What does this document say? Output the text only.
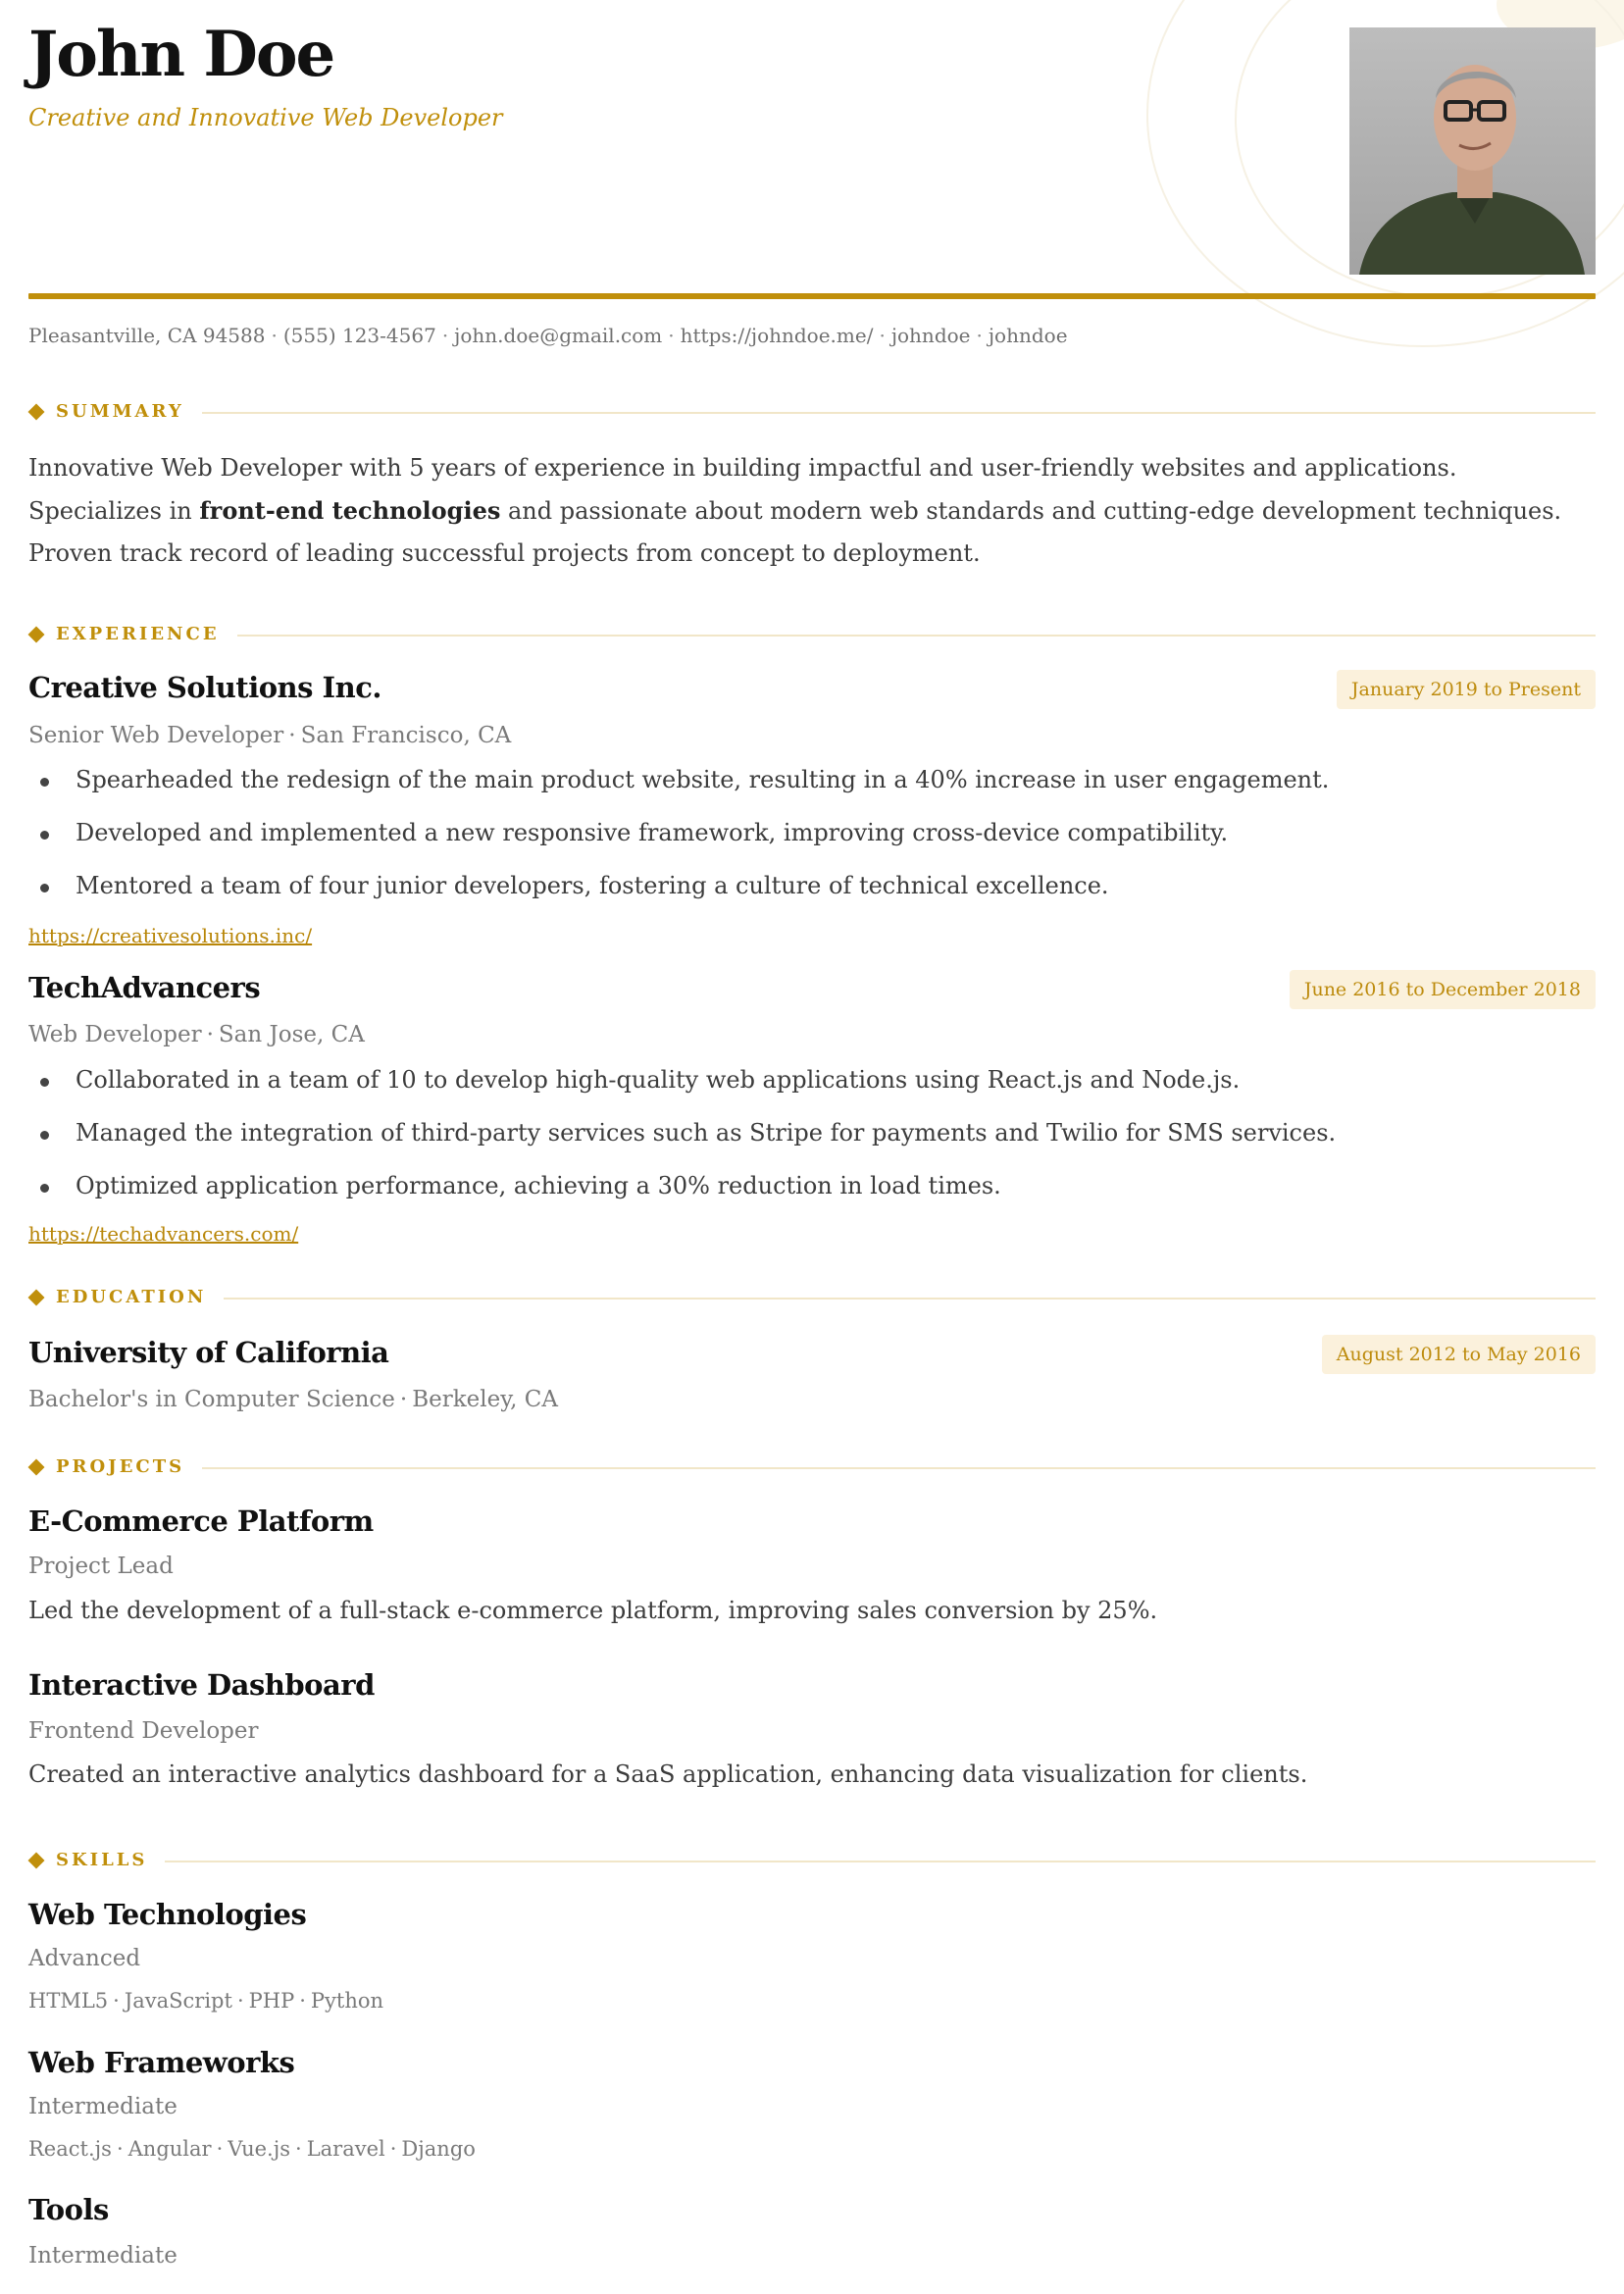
John Doe

Creative and Innovative Web Developer

Pleasantville, CA 94588 · (555) 123-4567 · john.doe@gmail.com · https://johndoe.me/ · johndoe · johndoe
SUMMARY

Innovative Web Developer with 5 years of experience in building impactful and user-friendly websites and applications. Specializes in front-end technologies and passionate about modern web standards and cutting-edge development techniques. Proven track record of leading successful projects from concept to deployment.

EXPERIENCE
Creative Solutions Inc.	January 2019 to Present

Senior Web Developer · San Francisco, CA

Spearheaded the redesign of the main product website, resulting in a 40% increase in user engagement.
Developed and implemented a new responsive framework, improving cross-device compatibility.
Mentored a team of four junior developers, fostering a culture of technical excellence.
https://creativesolutions.inc/
TechAdvancers	June 2016 to December 2018

Web Developer · San Jose, CA

Collaborated in a team of 10 to develop high-quality web applications using React.js and Node.js.
Managed the integration of third-party services such as Stripe for payments and Twilio for SMS services.
Optimized application performance, achieving a 30% reduction in load times.
https://techadvancers.com/
EDUCATION
University of California	August 2012 to May 2016

Bachelor's in Computer Science · Berkeley, CA

PROJECTS
E-Commerce Platform

Project Lead

Led the development of a full-stack e-commerce platform, improving sales conversion by 25%.

Interactive Dashboard

Frontend Developer

Created an interactive analytics dashboard for a SaaS application, enhancing data visualization for clients.

SKILLS
Web Technologies

Advanced

HTML5 · JavaScript · PHP · Python

Web Frameworks

Intermediate

React.js · Angular · Vue.js · Laravel · Django

Tools

Intermediate
